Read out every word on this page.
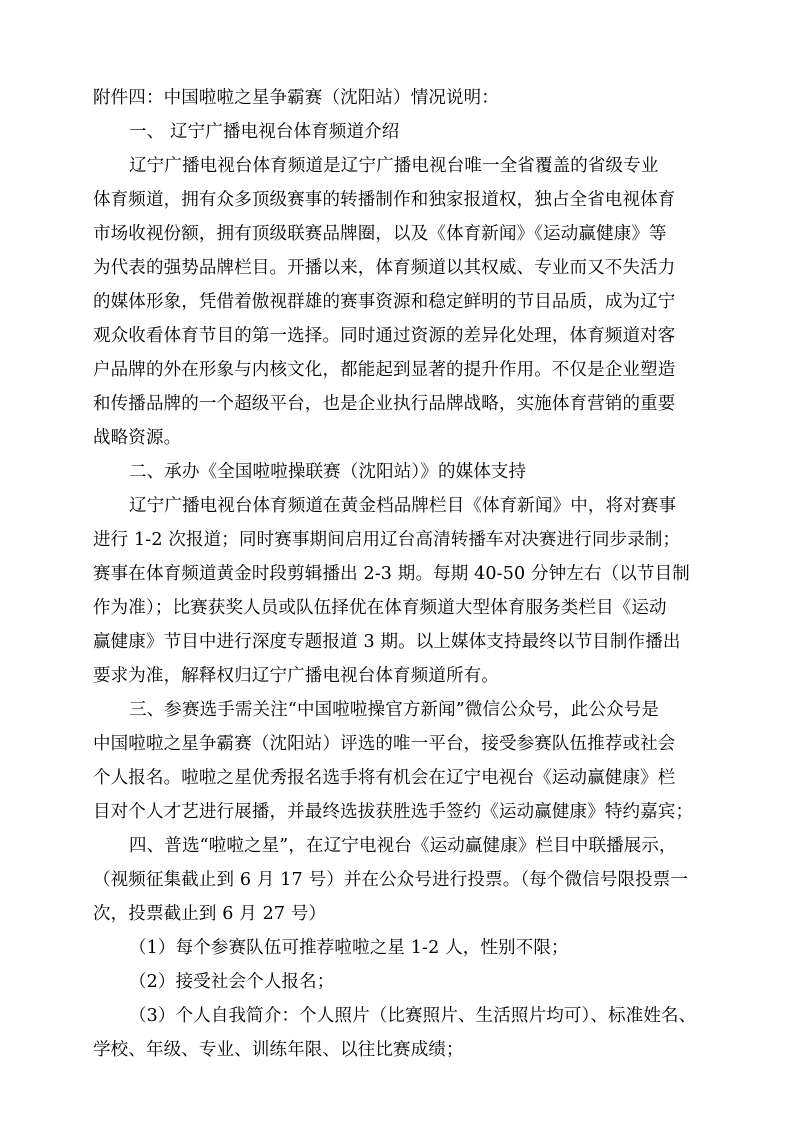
附件四：中国啦啦之星争霸赛（沈阳站）情况说明：
一、 辽宁广播电视台体育频道介绍
辽宁广播电视台体育频道是辽宁广播电视台唯一全省覆盖的省级专业
体育频道，拥有众多顶级赛事的转播制作和独家报道权，独占全省电视体育
市场收视份额，拥有顶级联赛品牌圈，以及《体育新闻》《运动赢健康》等
为代表的强势品牌栏目。开播以来，体育频道以其权威、专业而又不失活力
的媒体形象，凭借着傲视群雄的赛事资源和稳定鲜明的节目品质，成为辽宁
观众收看体育节目的第一选择。同时通过资源的差异化处理，体育频道对客
户品牌的外在形象与内核文化，都能起到显著的提升作用。不仅是企业塑造
和传播品牌的一个超级平台，也是企业执行品牌战略，实施体育营销的重要
战略资源。
二、承办《全国啦啦操联赛（沈阳站）》的媒体支持
辽宁广播电视台体育频道在黄金档品牌栏目《体育新闻》中，将对赛事
进行 1-2 次报道；同时赛事期间启用辽台高清转播车对决赛进行同步录制；
赛事在体育频道黄金时段剪辑播出 2-3 期。每期 40-50 分钟左右（以节目制
作为准）；比赛获奖人员或队伍择优在体育频道大型体育服务类栏目《运动
赢健康》节目中进行深度专题报道 3 期。以上媒体支持最终以节目制作播出
要求为准，解释权归辽宁广播电视台体育频道所有。
三、参赛选手需关注“中国啦啦操官方新闻”微信公众号，此公众号是
中国啦啦之星争霸赛（沈阳站）评选的唯一平台，接受参赛队伍推荐或社会
个人报名。啦啦之星优秀报名选手将有机会在辽宁电视台《运动赢健康》栏
目对个人才艺进行展播，并最终选拔获胜选手签约《运动赢健康》特约嘉宾；
四、普选“啦啦之星”，在辽宁电视台《运动赢健康》栏目中联播展示，
（视频征集截止到 6 月 17 号）并在公众号进行投票。（每个微信号限投票一
次，投票截止到 6 月 27 号）
（1）每个参赛队伍可推荐啦啦之星 1-2 人，性别不限；
（2）接受社会个人报名；
（3）个人自我简介：个人照片（比赛照片、生活照片均可）、标准姓名、
学校、年级、专业、训练年限、以往比赛成绩；
